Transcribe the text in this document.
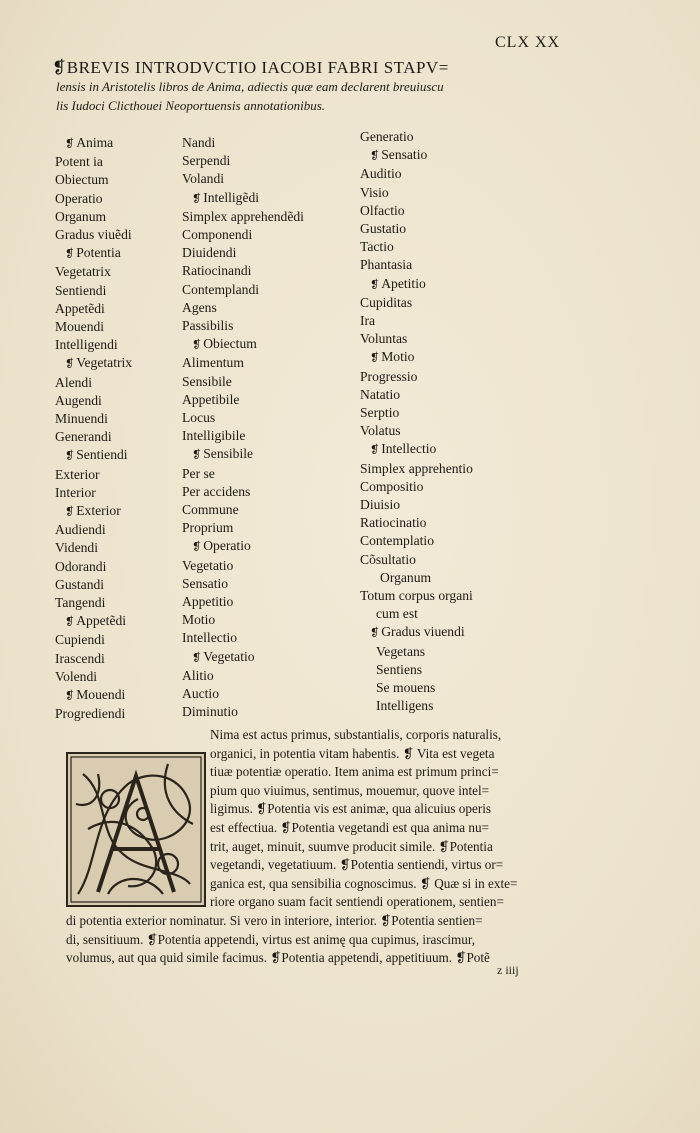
CLX XX
❡BREVIS INTRODVCTIO IACOBI FABRI STAPV=
lensis in Aristotelis libros de Anima, adiectis quæ eam declarent breuiuscu
lis Iudoci Clicthouei Neoportuensis annotationibus.
❡ Anima
Potent ia
Obiectum
Operatio
Organum
Gradus viuẽdi
❡ Potentia
Vegetatrix
Sentiendi
Appetẽdi
Mouendi
Intelligendi
❡ Vegetatrix
Alendi
Augendi
Minuendi
Generandi
❡ Sentiendi
Exterior
Interior
❡ Exterior
Audiendi
Videndi
Odorandi
Gustandi
Tangendi
❡ Appetẽdi
Cupiendi
Irascendi
Volendi
❡ Mouendi
Progrediendi
Nandi
Serpendi
Volandi
❡ Intelligẽdi
Simplex apprehendẽdi
Componendi
Diuidendi
Ratiocinandi
Contemplandi
Agens
Passibilis
❡ Obiectum
Alimentum
Sensibile
Appetibile
Locus
Intelligibile
❡ Sensibile
Per se
Per accidens
Commune
Proprium
❡ Operatio
Vegetatio
Sensatio
Appetitio
Motio
Intellectio
❡ Vegetatio
Alitio
Auctio
Diminutio
Generatio
❡ Sensatio
Auditio
Visio
Olfactio
Gustatio
Tactio
Phantasia
❡ Apetitio
Cupiditas
Ira
Voluntas
❡ Motio
Progressio
Natatio
Serptio
Volatus
❡ Intellectio
Simplex apprehentio
Compositio
Diuisio
Ratiocinatio
Contemplatio
Cõsultatio
Organum
Totum corpus organi
cum est
❡ Gradus viuendi
Vegetans
Sentiens
Se mouens
Intelligens
Nima est actus primus, substantialis, corporis naturalis,
organici, in potentia vitam habentis. ❡ Vita est vegeta
tiuæ potentiæ operatio. Item anima est primum princi=
pium quo viuimus, sentimus, mouemur, quove intel=
ligimus. ❡Potentia vis est animæ, qua alicuius operis
est effectiua. ❡Potentia vegetandi est qua anima nu=
trit, auget, minuit, suumve producit simile. ❡Potentia
vegetandi, vegetatiuum. ❡Potentia sentiendi, virtus or=
ganica est, qua sensibilia cognoscimus. ❡ Quæ si in exte=
riore organo suam facit sentiendi operationem, sentien=
di potentia exterior nominatur. Si vero in interiore, interior. ❡Potentia sentien=
di, sensitiuum. ❡Potentia appetendi, virtus est animę qua cupimus, irascimur,
volumus, aut qua quid simile facimus. ❡Potentia appetendi, appetitiuum. ❡Potẽ
z iiij
